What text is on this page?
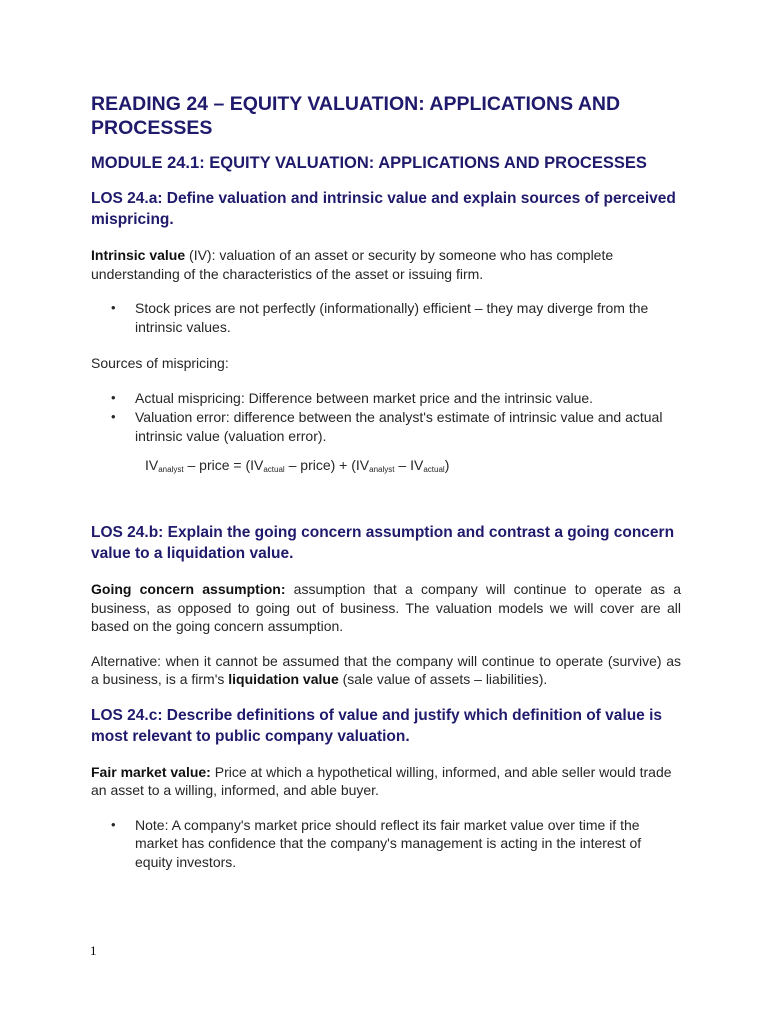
READING 24 – EQUITY VALUATION: APPLICATIONS AND PROCESSES
MODULE 24.1: EQUITY VALUATION: APPLICATIONS AND PROCESSES
LOS 24.a: Define valuation and intrinsic value and explain sources of perceived mispricing.

Intrinsic value (IV): valuation of an asset or security by someone who has complete understanding of the characteristics of the asset or issuing firm.

• Stock prices are not perfectly (informationally) efficient – they may diverge from the intrinsic values.

Sources of mispricing:

• Actual mispricing: Difference between market price and the intrinsic value.
• Valuation error: difference between the analyst's estimate of intrinsic value and actual intrinsic value (valuation error).
$IV_{analyst}$ – price = ($IV_{actual}$ – price) + $(IV_{analyst} - IV_{actual})$
LOS 24.b: Explain the going concern assumption and contrast a going concern value to a liquidation value.

Going concern assumption: assumption that a company will continue to operate as a business, as opposed to going out of business. The valuation models we will cover are all based on the going concern assumption.

Alternative: when it cannot be assumed that the company will continue to operate (survive) as a business, is a firm's liquidation value (sale value of assets – liabilities).

LOS 24.c: Describe definitions of value and justify which definition of value is most relevant to public company valuation.

Fair market value: Price at which a hypothetical willing, informed, and able seller would trade an asset to a willing, informed, and able buyer.

• Note: A company's market price should reflect its fair market value over time if the market has confidence that the company's management is acting in the interest of equity investors.
1
